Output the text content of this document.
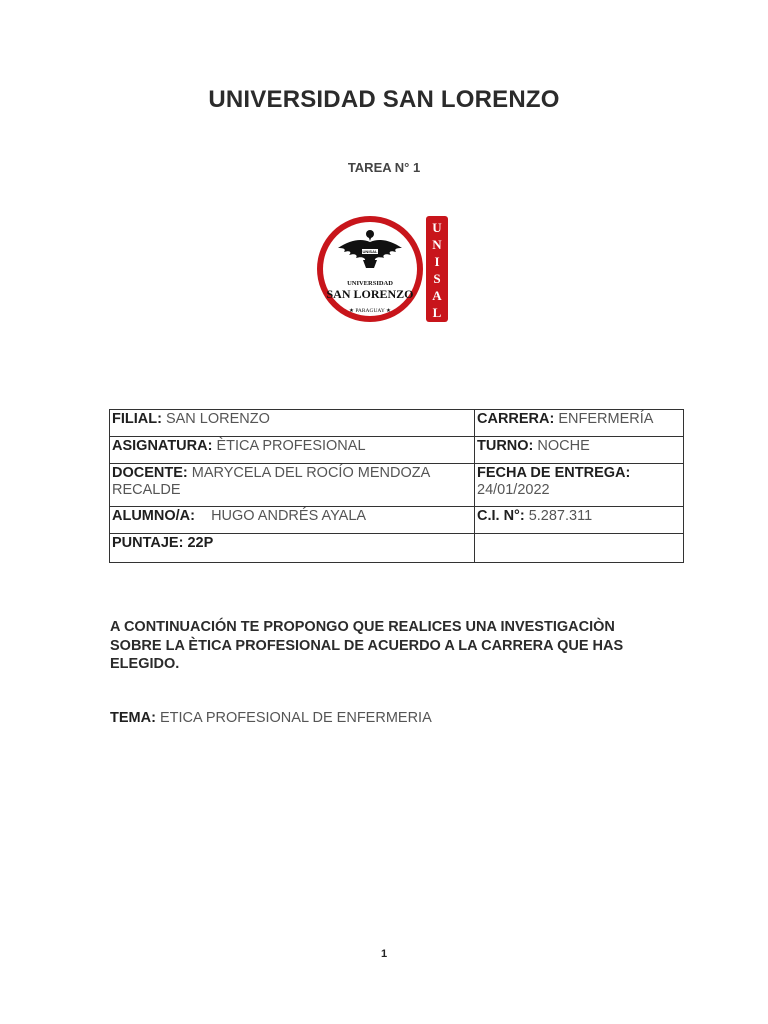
UNIVERSIDAD SAN LORENZO
TAREA N° 1
UNISAL
UNIVERSIDAD
SAN LORENZO
★ PARAGUAY ★
U
N
I
S
A
L
FILIAL: SAN LORENZO	CARRERA: ENFERMERÍA
ASIGNATURA: ÈTICA PROFESIONAL	TURNO: NOCHE
DOCENTE: MARYCELA DEL ROCÍO MENDOZA RECALDE	FECHA DE ENTREGA:
24/01/2022
ALUMNO/A:    HUGO ANDRÉS AYALA	C.I. N°: 5.287.311
PUNTAJE: 22P	
A CONTINUACIÓN TE PROPONGO QUE REALICES UNA INVESTIGACIÒN SOBRE LA ÈTICA PROFESIONAL DE ACUERDO A LA CARRERA QUE HAS ELEGIDO.
TEMA: ETICA PROFESIONAL DE ENFERMERIA
1
